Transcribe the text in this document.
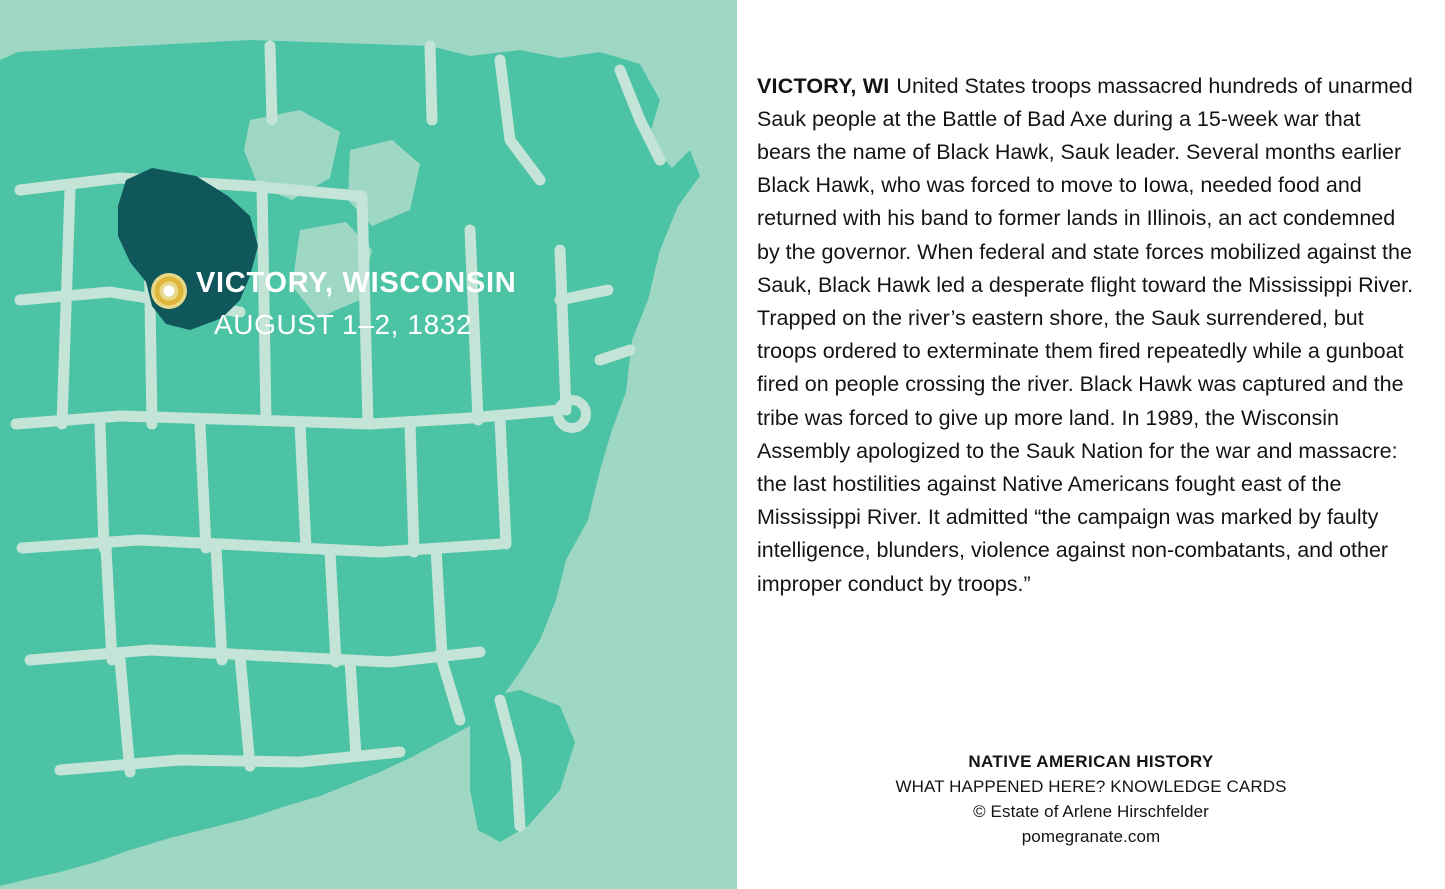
VICTORY, WISCONSIN
AUGUST 1–2, 1832

VICTORY, WI United States troops massacred hundreds of unarmed Sauk people at the Battle of Bad Axe during a 15-week war that bears the name of Black Hawk, Sauk leader. Several months earlier Black Hawk, who was forced to move to Iowa, needed food and returned with his band to former lands in Illinois, an act condemned by the governor. When federal and state forces mobilized against the Sauk, Black Hawk led a desperate flight toward the Mississippi River. Trapped on the river’s eastern shore, the Sauk surrendered, but troops ordered to exterminate them fired repeatedly while a gunboat fired on people crossing the river. Black Hawk was captured and the tribe was forced to give up more land. In 1989, the Wisconsin Assembly apologized to the Sauk Nation for the war and massacre: the last hostilities against Native Americans fought east of the Mississippi River. It admitted “the campaign was marked by faulty intelligence, blunders, violence against non-combatants, and other improper conduct by troops.”

NATIVE AMERICAN HISTORY
WHAT HAPPENED HERE? KNOWLEDGE CARDS
© Estate of Arlene Hirschfelder
pomegranate.com
